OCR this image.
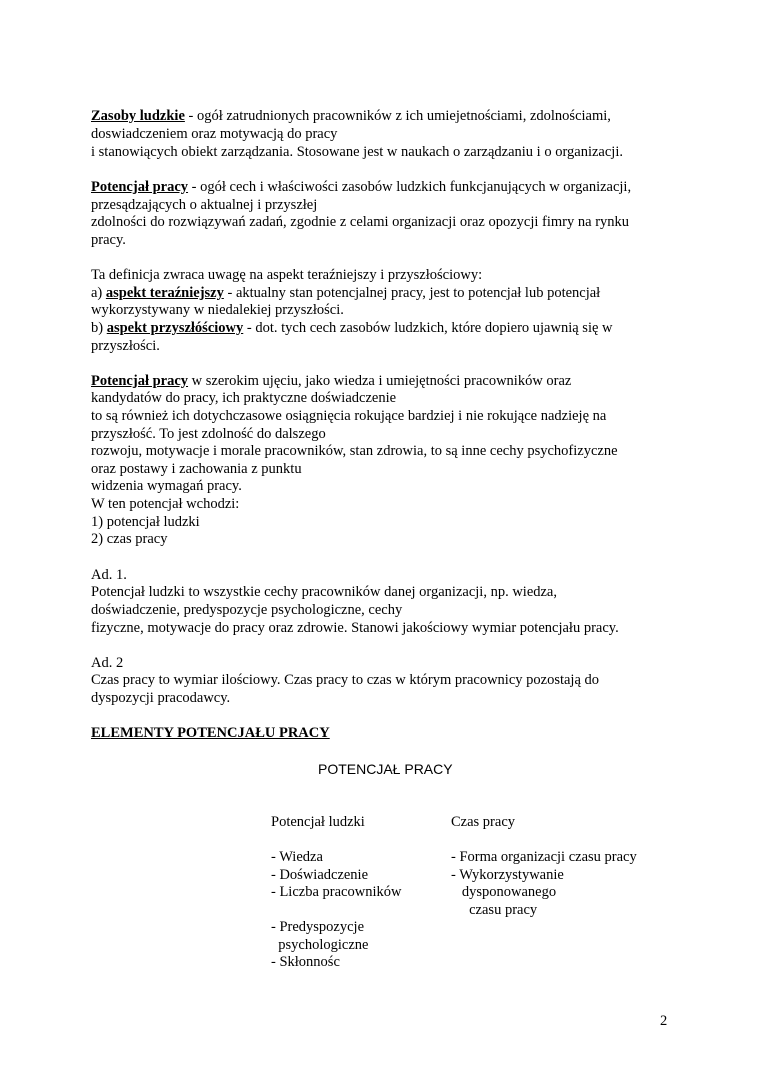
Zasoby ludzkie - ogół zatrudnionych pracowników z ich umiejetnościami, zdolnościami,
doswiadczeniem oraz motywacją do pracy
i stanowiących obiekt zarządzania. Stosowane jest w naukach o zarządzaniu i o organizacji.
Potencjał pracy - ogół cech i właściwości zasobów ludzkich funkcjanujących w organizacji,
przesądzających o aktualnej i przyszłej
zdolności do rozwiązywań zadań, zgodnie z celami organizacji oraz opozycji fimry na rynku
pracy.
Ta definicja zwraca uwagę na aspekt teraźniejszy i przyszłościowy:
a) aspekt teraźniejszy - aktualny stan potencjalnej pracy, jest to potencjał lub potencjał
wykorzystywany w niedalekiej przyszłości.
b) aspekt przyszłóściowy - dot. tych cech zasobów ludzkich, które dopiero ujawnią się w
przyszłości.
Potencjał pracy w szerokim ujęciu, jako wiedza i umiejętności pracowników oraz
kandydatów do pracy, ich praktyczne doświadczenie
to są również ich dotychczasowe osiągnięcia rokujące bardziej i nie rokujące nadzieję na
przyszłość. To jest zdolność do dalszego
rozwoju, motywacje i morale pracowników, stan zdrowia, to są inne cechy psychofizyczne
oraz postawy i zachowania z punktu
widzenia wymagań pracy.
W ten potencjał wchodzi:
1) potencjał ludzki
2) czas pracy
Ad. 1.
Potencjał ludzki to wszystkie cechy pracowników danej organizacji, np. wiedza,
doświadczenie, predyspozycje psychologiczne, cechy
fizyczne, motywacje do pracy oraz zdrowie. Stanowi jakościowy wymiar potencjału pracy.
Ad. 2
Czas pracy to wymiar ilościowy. Czas pracy to czas w którym pracownicy pozostają do
dyspozycji pracodawcy.
ELEMENTY POTENCJAŁU PRACY
POTENCJAŁ PRACY
Potencjał ludzki	Czas pracy
- Wiedza
- Doświadczenie
- Liczba pracowników
- Predyspozycje
psychologiczne
- Skłonnośc
- Forma organizacji czasu pracy
- Wykorzystywanie
dysponowanego
czasu pracy
2
